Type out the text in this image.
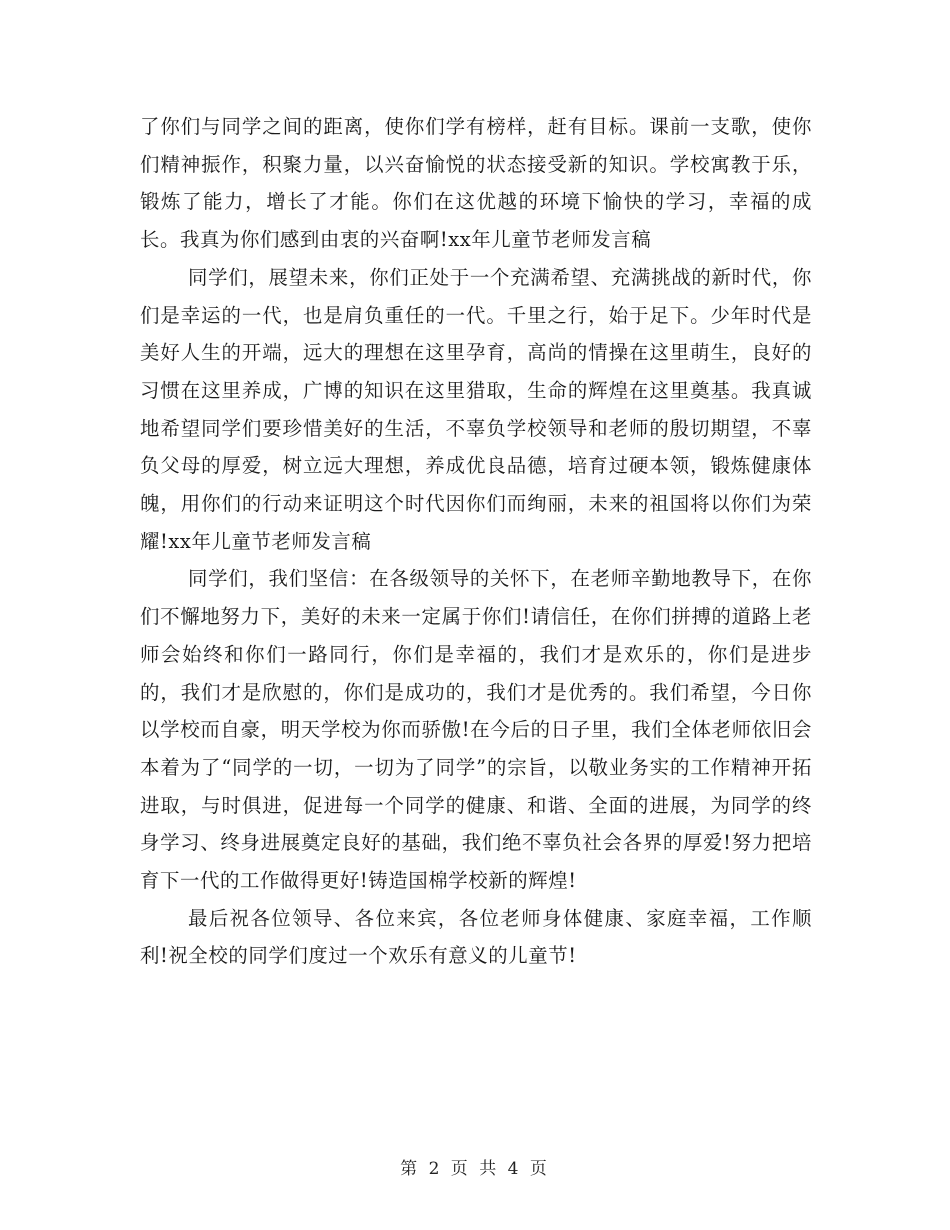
了你们与同学之间的距离，使你们学有榜样，赶有目标。课前一支歌，使你们精神振作，积聚力量，以兴奋愉悦的状态接受新的知识。学校寓教于乐，锻炼了能力，增长了才能。你们在这优越的环境下愉快的学习，幸福的成长。我真为你们感到由衷的兴奋啊!xx年儿童节老师发言稿

同学们，展望未来，你们正处于一个充满希望、充满挑战的新时代，你们是幸运的一代，也是肩负重任的一代。千里之行，始于足下。少年时代是美好人生的开端，远大的理想在这里孕育，高尚的情操在这里萌生，良好的习惯在这里养成，广博的知识在这里猎取，生命的辉煌在这里奠基。我真诚地希望同学们要珍惜美好的生活，不辜负学校领导和老师的殷切期望，不辜负父母的厚爱，树立远大理想，养成优良品德，培育过硬本领，锻炼健康体魄，用你们的行动来证明这个时代因你们而绚丽，未来的祖国将以你们为荣耀!xx年儿童节老师发言稿

同学们，我们坚信：在各级领导的关怀下，在老师辛勤地教导下，在你们不懈地努力下，美好的未来一定属于你们!请信任，在你们拼搏的道路上老师会始终和你们一路同行，你们是幸福的，我们才是欢乐的，你们是进步的，我们才是欣慰的，你们是成功的，我们才是优秀的。我们希望，今日你以学校而自豪，明天学校为你而骄傲!在今后的日子里，我们全体老师依旧会本着为了“同学的一切，一切为了同学”的宗旨，以敬业务实的工作精神开拓进取，与时俱进，促进每一个同学的健康、和谐、全面的进展，为同学的终身学习、终身进展奠定良好的基础，我们绝不辜负社会各界的厚爱!努力把培育下一代的工作做得更好!铸造国棉学校新的辉煌!

最后祝各位领导、各位来宾，各位老师身体健康、家庭幸福，工作顺利!祝全校的同学们度过一个欢乐有意义的儿童节!

第 2 页 共 4 页
